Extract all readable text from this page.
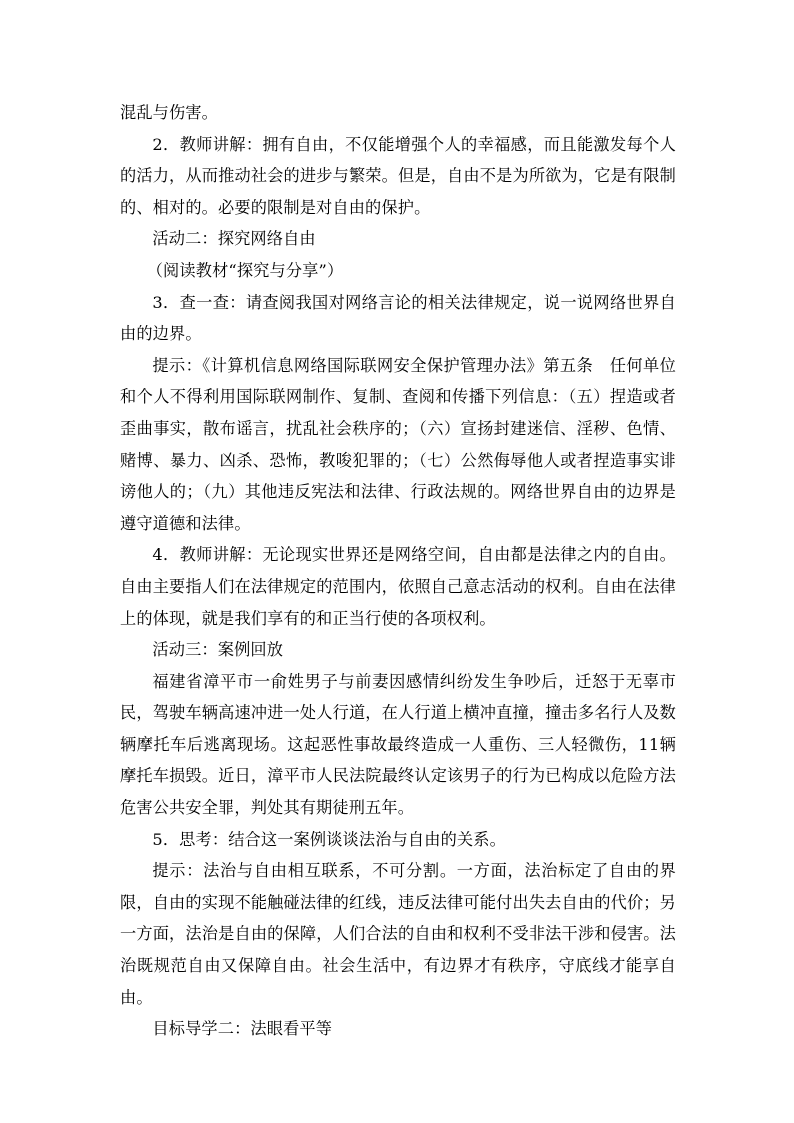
混乱与伤害。

2．教师讲解：拥有自由，不仅能增强个人的幸福感，而且能激发每个人的活力，从而推动社会的进步与繁荣。但是，自由不是为所欲为，它是有限制的、相对的。必要的限制是对自由的保护。

活动二：探究网络自由

（阅读教材“探究与分享”）

3．查一查：请查阅我国对网络言论的相关法律规定，说一说网络世界自由的边界。

提示：《计算机信息网络国际联网安全保护管理办法》第五条　任何单位和个人不得利用国际联网制作、复制、查阅和传播下列信息：（五）捏造或者歪曲事实，散布谣言，扰乱社会秩序的；（六）宣扬封建迷信、淫秽、色情、赌博、暴力、凶杀、恐怖，教唆犯罪的；（七）公然侮辱他人或者捏造事实诽谤他人的；（九）其他违反宪法和法律、行政法规的。网络世界自由的边界是遵守道德和法律。

4．教师讲解：无论现实世界还是网络空间，自由都是法律之内的自由。自由主要指人们在法律规定的范围内，依照自己意志活动的权利。自由在法律上的体现，就是我们享有的和正当行使的各项权利。

活动三：案例回放

福建省漳平市一俞姓男子与前妻因感情纠纷发生争吵后，迁怒于无辜市民，驾驶车辆高速冲进一处人行道，在人行道上横冲直撞，撞击多名行人及数辆摩托车后逃离现场。这起恶性事故最终造成一人重伤、三人轻微伤，11辆摩托车损毁。近日，漳平市人民法院最终认定该男子的行为已构成以危险方法危害公共安全罪，判处其有期徒刑五年。

5．思考：结合这一案例谈谈法治与自由的关系。

提示：法治与自由相互联系，不可分割。一方面，法治标定了自由的界限，自由的实现不能触碰法律的红线，违反法律可能付出失去自由的代价；另一方面，法治是自由的保障，人们合法的自由和权利不受非法干涉和侵害。法治既规范自由又保障自由。社会生活中，有边界才有秩序，守底线才能享自由。

目标导学二：法眼看平等
